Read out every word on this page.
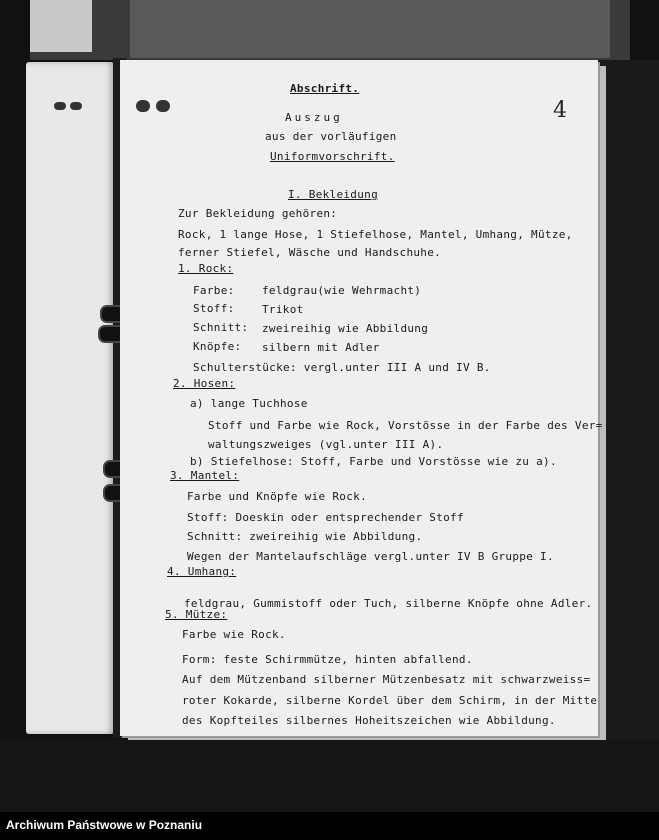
4
Abschrift.
Auszug
aus der vorläufigen
Uniformvorschrift.
I. Bekleidung
Zur Bekleidung gehören:
Rock, 1 lange Hose, 1 Stiefelhose, Mantel, Umhang, Mütze,
ferner Stiefel, Wäsche und Handschuhe.
1. Rock:
Farbe: feldgrau(wie Wehrmacht)
Stoff: Trikot
Schnitt: zweireihig wie Abbildung
Knöpfe: silbern mit Adler
Schulterstücke: vergl.unter III A und IV B.
2. Hosen:
a) lange Tuchhose
Stoff und Farbe wie Rock, Vorstösse in der Farbe des Ver=
waltungszweiges (vgl.unter III A).
b) Stiefelhose: Stoff, Farbe und Vorstösse wie zu a).
3. Mantel:
Farbe und Knöpfe wie Rock.
Stoff: Doeskin oder entsprechender Stoff
Schnitt: zweireihig wie Abbildung.
Wegen der Mantelaufschläge vergl.unter IV B Gruppe I.
4. Umhang:
feldgrau, Gummistoff oder Tuch, silberne Knöpfe ohne Adler.
5. Mütze:
Farbe wie Rock.
Form: feste Schirmmütze, hinten abfallend.
Auf dem Mützenband silberner Mützenbesatz mit schwarzweiss=
roter Kokarde, silberne Kordel über dem Schirm, in der Mitte
des Kopfteiles silbernes Hoheitszeichen wie Abbildung.
Archiwum Państwowe w Poznaniu
